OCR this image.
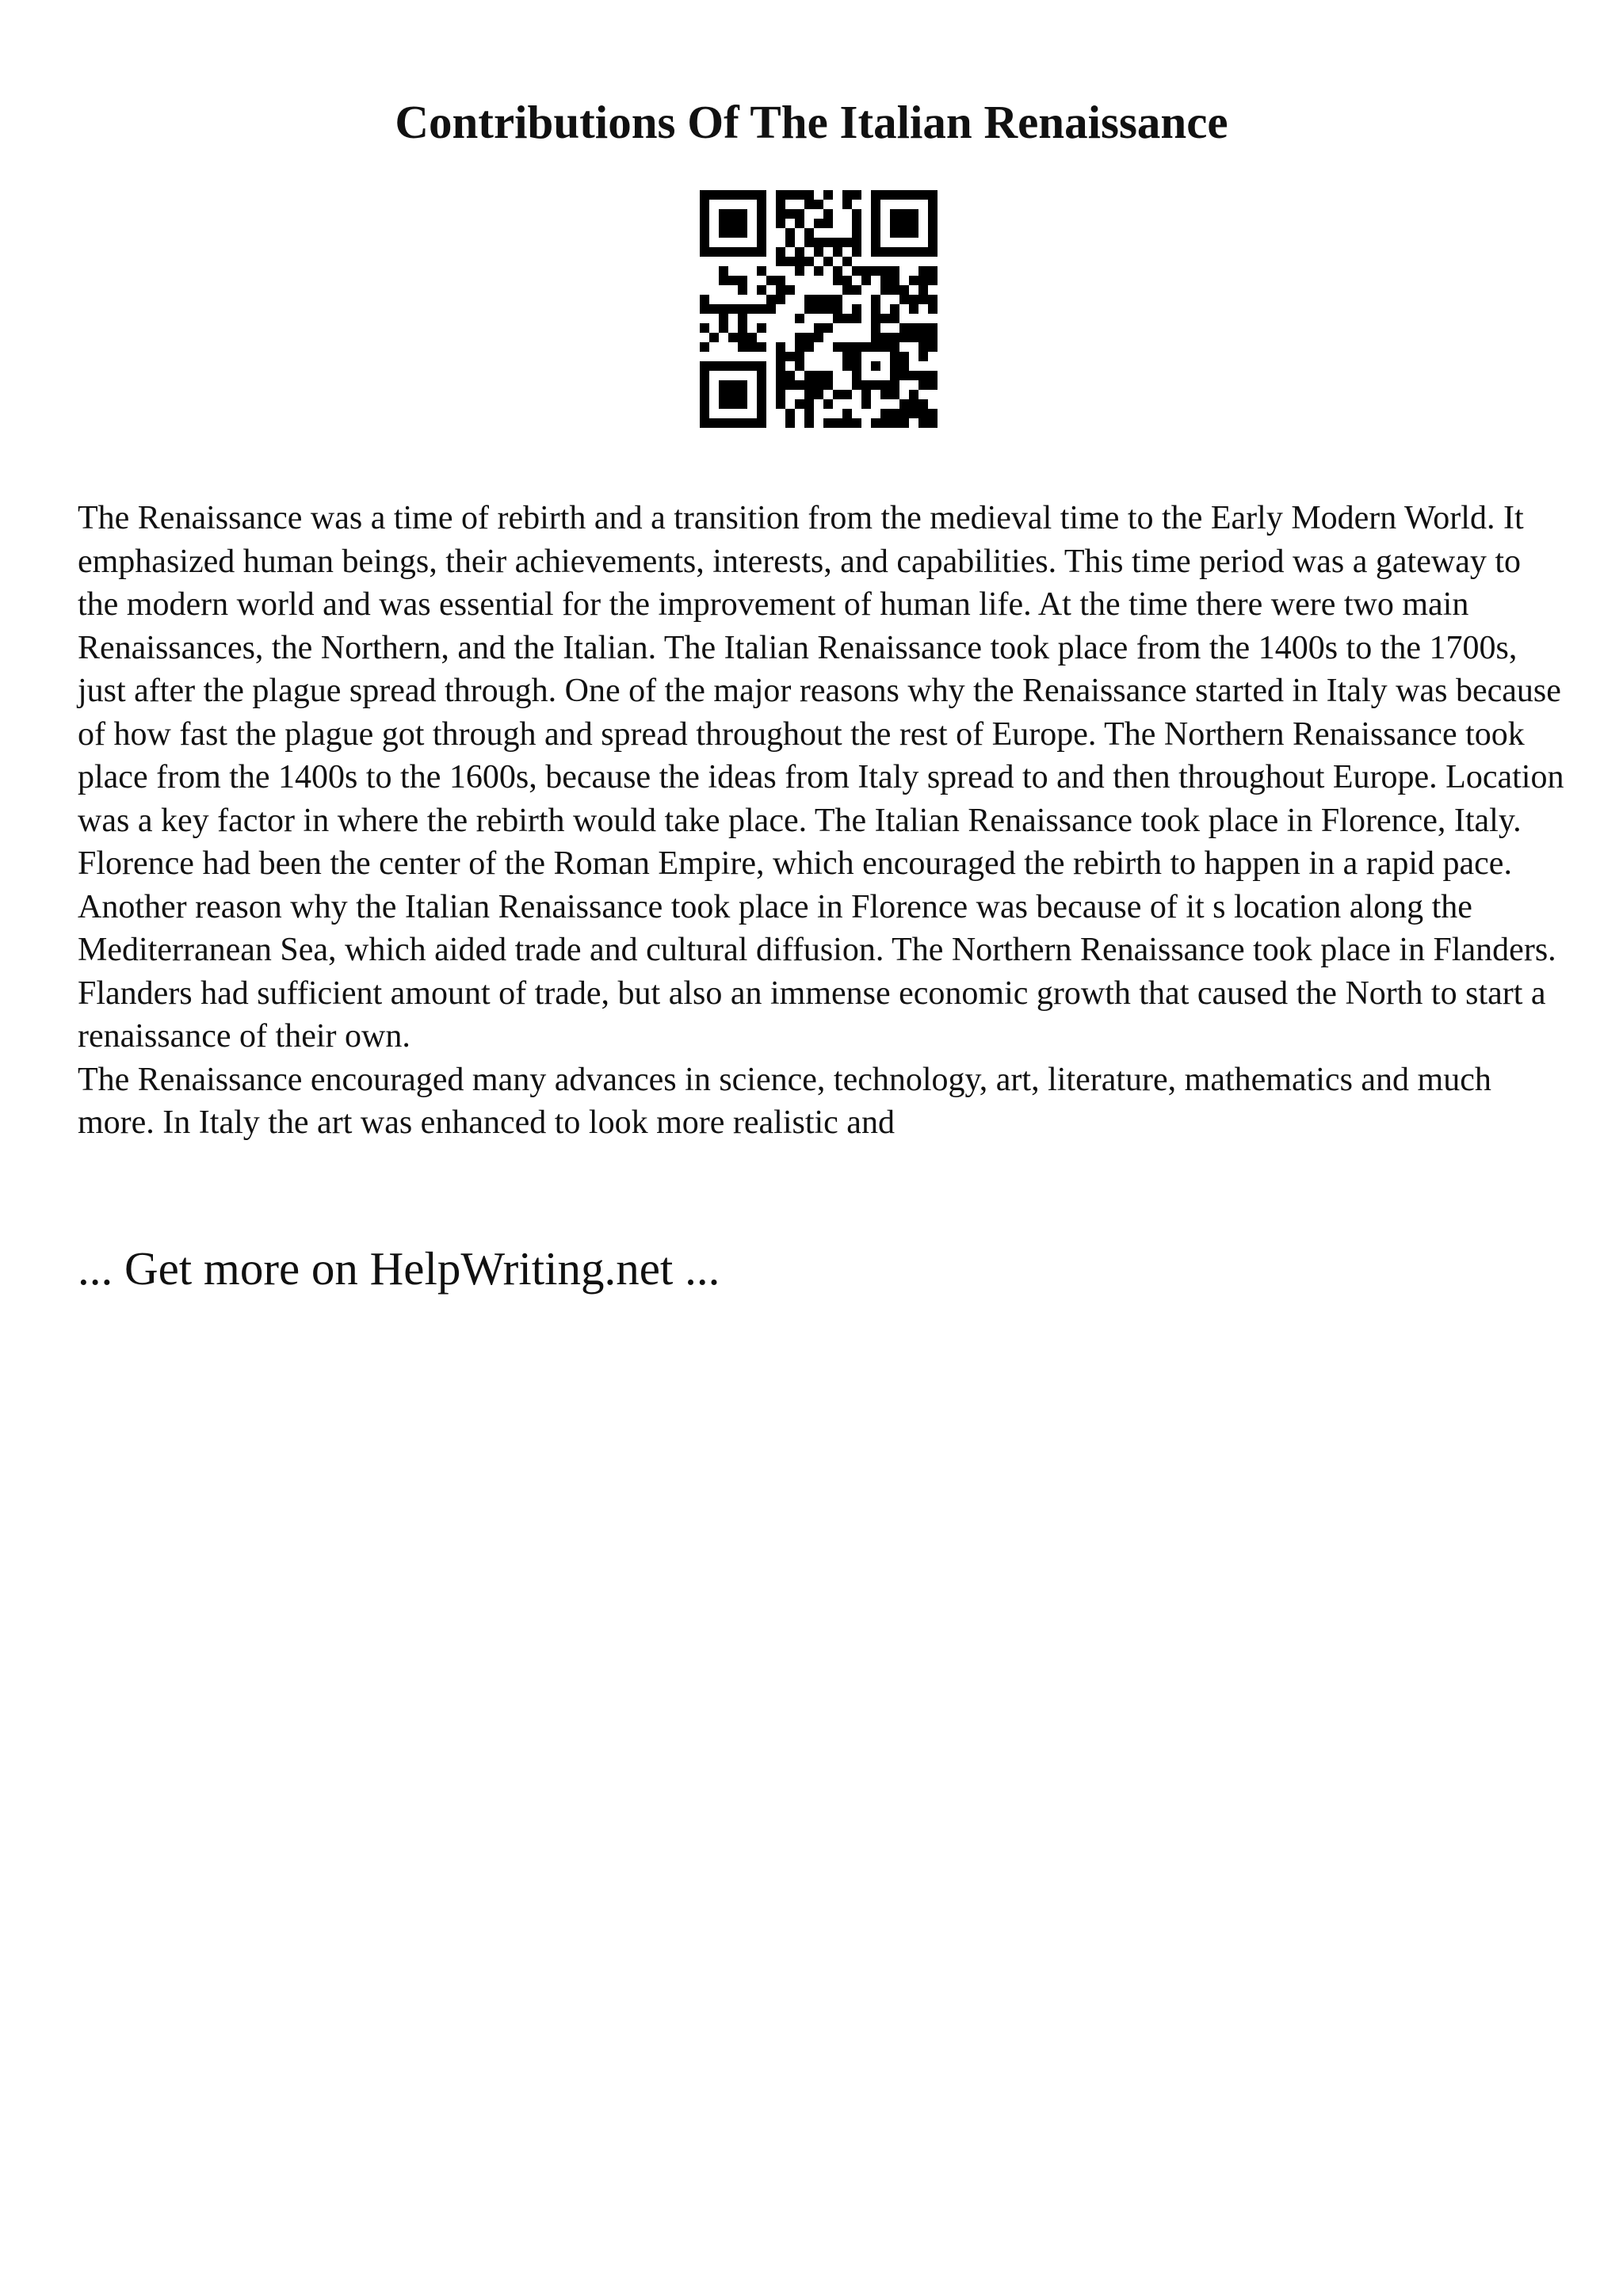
Contributions Of The Italian Renaissance

The Renaissance was a time of rebirth and a transition from the medieval time to the Early Modern World. It emphasized human beings, their achievements, interests, and capabilities. This time period was a gateway to the modern world and was essential for the improvement of human life. At the time there were two main Renaissances, the Northern, and the Italian. The Italian Renaissance took place from the 1400s to the 1700s, just after the plague spread through. One of the major reasons why the Renaissance started in Italy was because of how fast the plague got through and spread throughout the rest of Europe. The Northern Renaissance took place from the 1400s to the 1600s, because the ideas from Italy spread to and then throughout Europe. Location was a key factor in where the rebirth would take place. The Italian Renaissance took place in Florence, Italy. Florence had been the center of the Roman Empire, which encouraged the rebirth to happen in a rapid pace. Another reason why the Italian Renaissance took place in Florence was because of it s location along the Mediterranean Sea, which aided trade and cultural diffusion. The Northern Renaissance took place in Flanders. Flanders had sufficient amount of trade, but also an immense economic growth that caused the North to start a renaissance of their own.

The Renaissance encouraged many advances in science, technology, art, literature, mathematics and much more. In Italy the art was enhanced to look more realistic and

... Get more on HelpWriting.net ...
